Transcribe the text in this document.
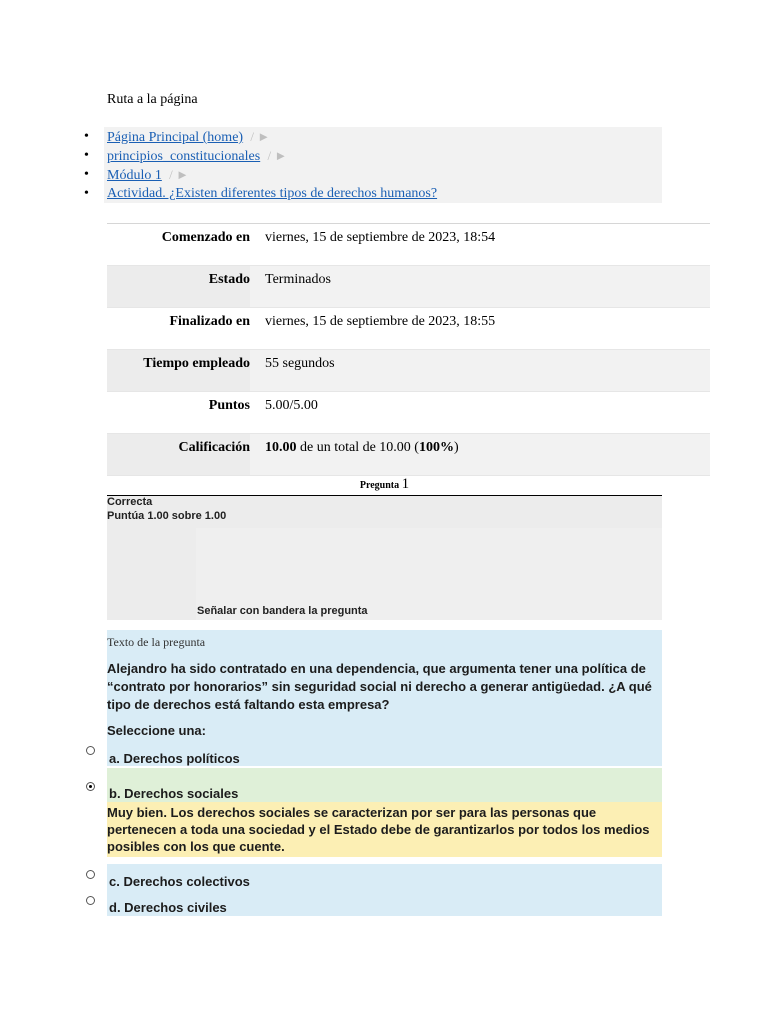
Ruta a la página
• Página Principal (home) / ►
• principios_constitucionales / ►
• Módulo 1 / ►
• Actividad. ¿Existen diferentes tipos de derechos humanos?
Comenzado en	viernes, 15 de septiembre de 2023, 18:54
Estado	Terminados
Finalizado en	viernes, 15 de septiembre de 2023, 18:55
Tiempo empleado	55 segundos
Puntos	5.00/5.00
Calificación	10.00 de un total de 10.00 (100%)
Pregunta 1
Correcta
Puntúa 1.00 sobre 1.00
Señalar con bandera la pregunta
Texto de la pregunta
Alejandro ha sido contratado en una dependencia, que argumenta tener una política de “contrato por honorarios” sin seguridad social ni derecho a generar antigüedad. ¿A qué tipo de derechos está faltando esta empresa?
Seleccione una:
a. Derechos políticos
b. Derechos sociales
Muy bien. Los derechos sociales se caracterizan por ser para las personas que pertenecen a toda una sociedad y el Estado debe de garantizarlos por todos los medios posibles con los que cuente.
c. Derechos colectivos
d. Derechos civiles
